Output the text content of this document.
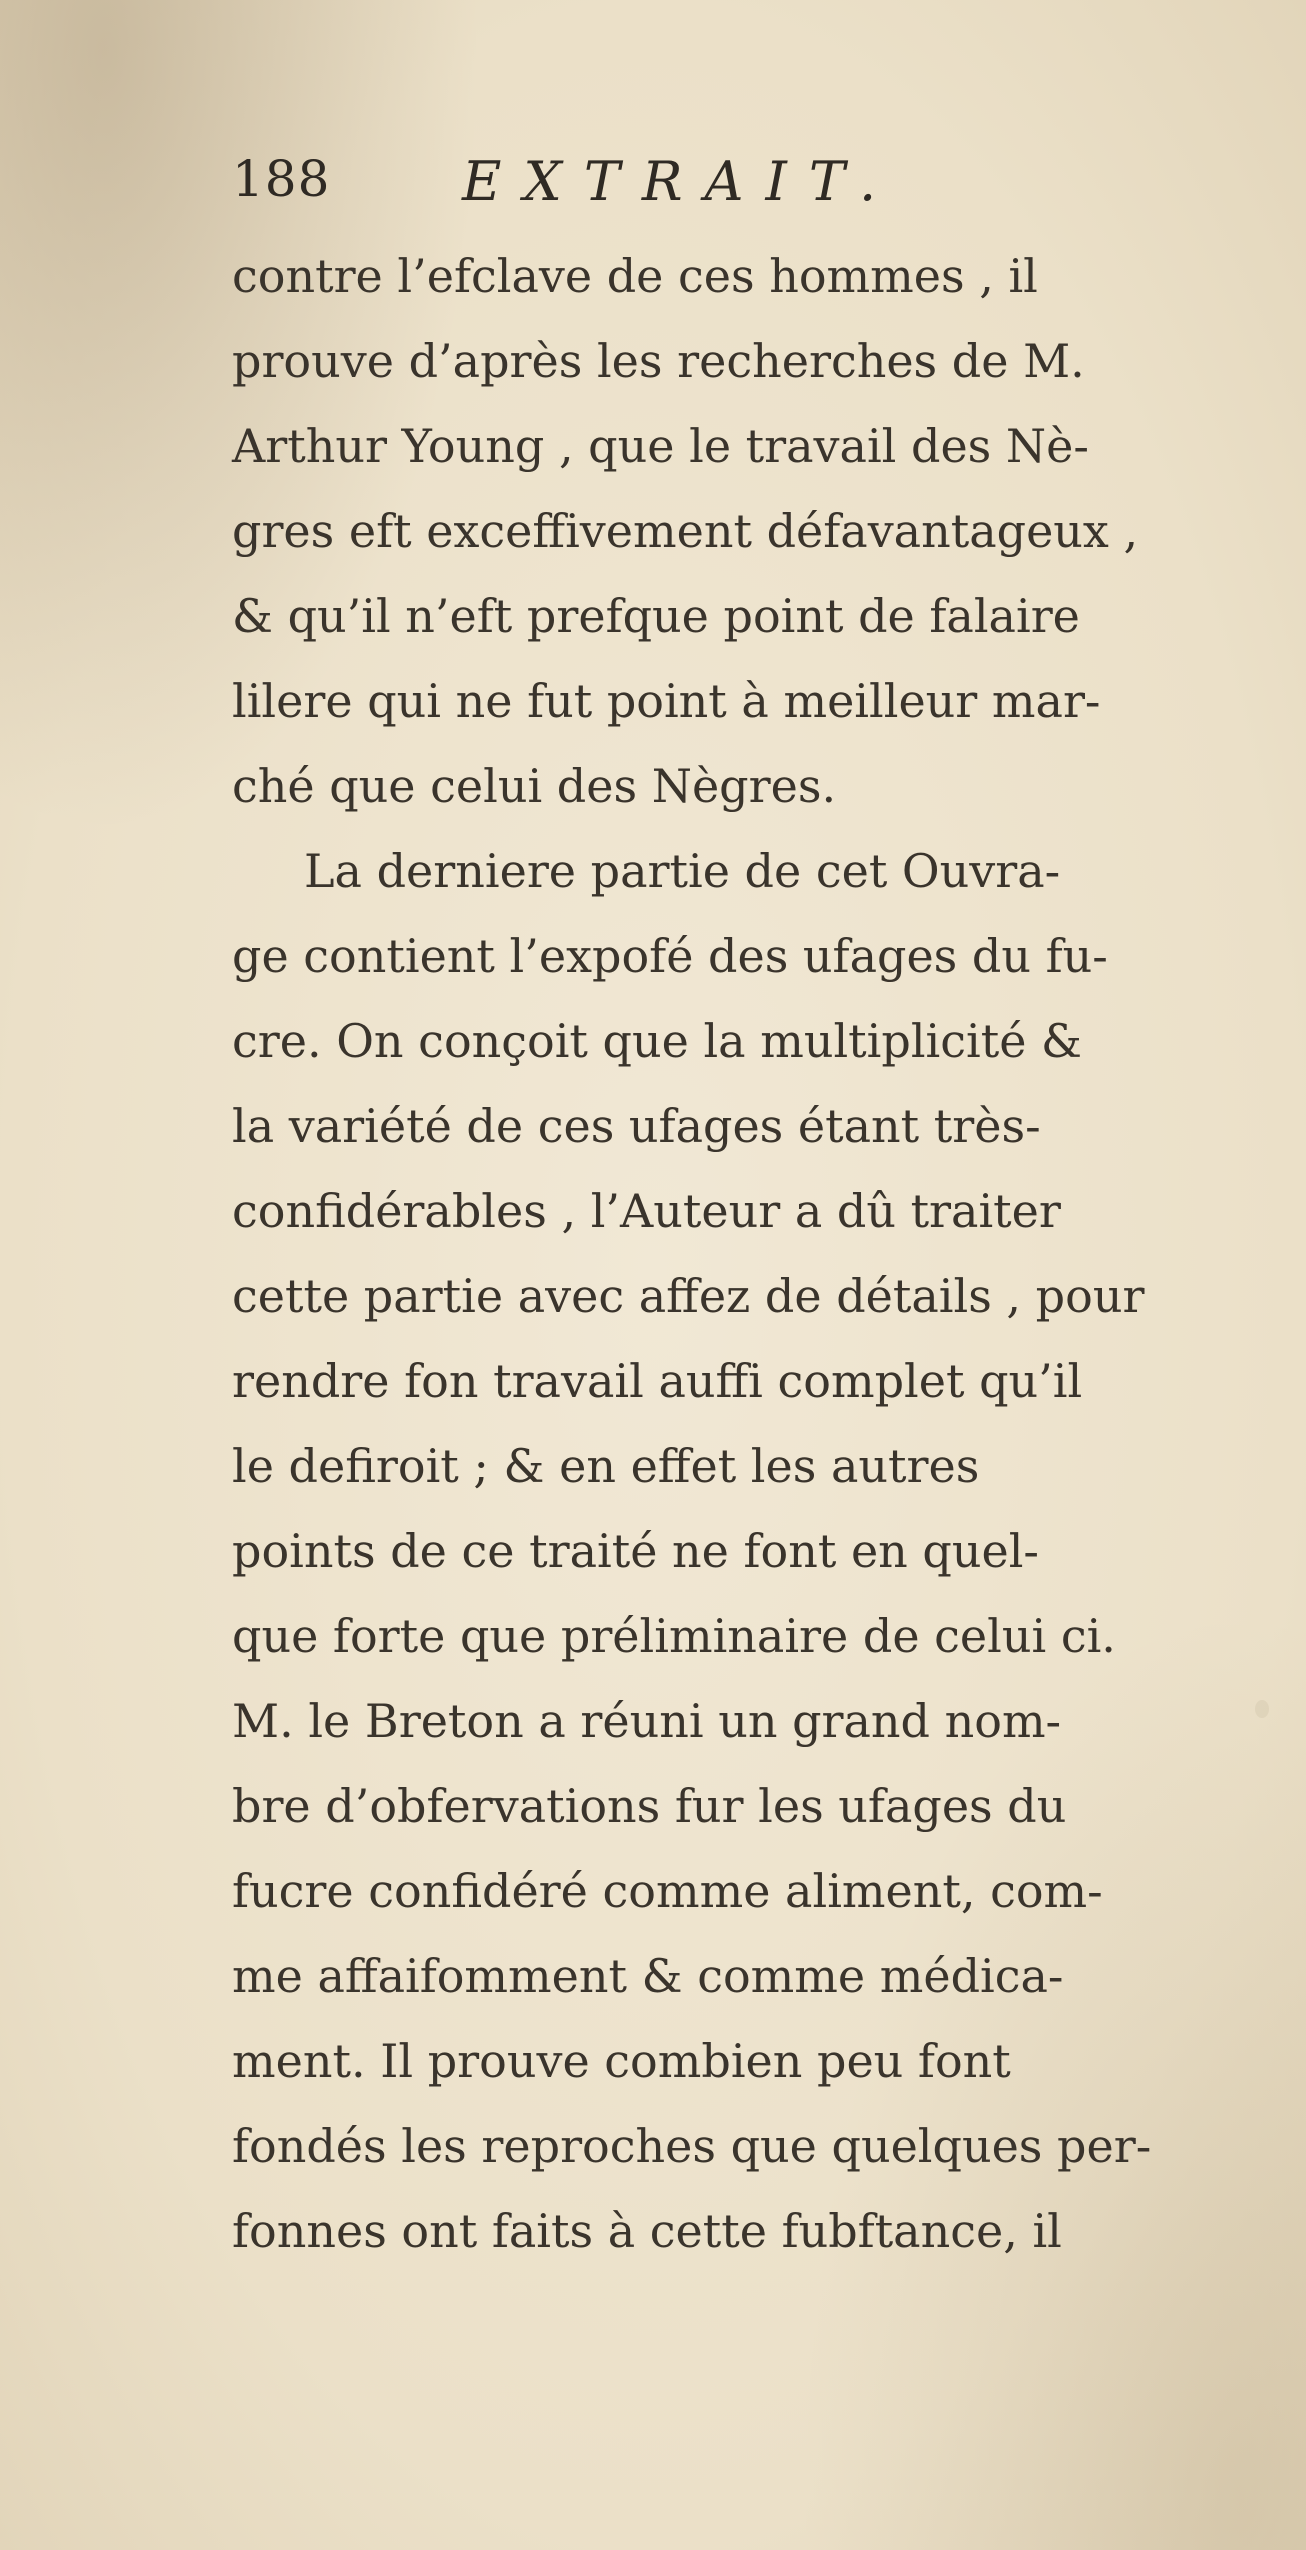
188 EXTRAIT.
contre l’efclave de ces hommes , il
prouve d’après les recherches de M.
Arthur Young , que le travail des Nè-
gres eft exceffivement défavantageux ,
& qu’il n’eft prefque point de falaire
lilere qui ne fut point à meilleur mar-
ché que celui des Nègres.
La derniere partie de cet Ouvra-
ge contient l’expofé des ufages du fu-
cre. On conçoit que la multiplicité &
la variété de ces ufages étant très-
confidérables , l’Auteur a dû traiter
cette partie avec affez de détails , pour
rendre fon travail auffi complet qu’il
le defiroit ; & en effet les autres
points de ce traité ne font en quel-
que forte que préliminaire de celui ci.
M. le Breton a réuni un grand nom-
bre d’obfervations fur les ufages du
fucre confidéré comme aliment, com-
me affaifomment & comme médica-
ment. Il prouve combien peu font
fondés les reproches que quelques per-
fonnes ont faits à cette fubftance, il
